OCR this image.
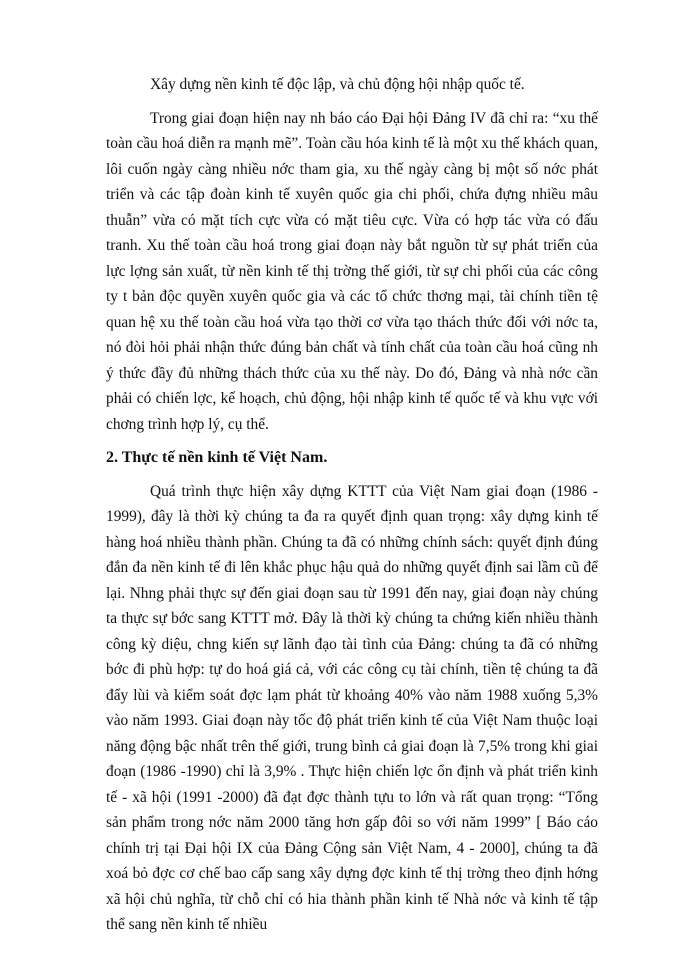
Xây dựng nền kinh tế độc lập, và chủ động hội nhập quốc tế.

Trong giai đoạn hiện nay nh báo cáo Đại hội Đảng IV đã chỉ ra: “xu thế toàn cầu hoá diễn ra mạnh mẽ”. Toàn cầu hóa kinh tế là một xu thế khách quan, lôi cuốn ngày càng nhiều nớc tham gia, xu thế ngày càng bị một số nớc phát triển và các tập đoàn kinh tế xuyên quốc gia chi phối, chứa đựng nhiều mâu thuẫn” vừa có mặt tích cực vừa có mặt tiêu cực. Vừa có hợp tác vừa có đấu tranh. Xu thế toàn cầu hoá trong giai đoạn này bắt nguồn từ sự phát triển của lực lợng sản xuất, từ nền kinh tế thị trờng thế giới, từ sự chi phối của các công ty t bản độc quyền xuyên quốc gia và các tổ chức thơng mại, tài chính tiền tệ quan hệ xu thế toàn cầu hoá vừa tạo thời cơ vừa tạo thách thức đối với nớc ta, nó đòi hỏi phải nhận thức đúng bản chất và tính chất của toàn cầu hoá cũng nh ý thức đầy đủ những thách thức của xu thế này. Do đó, Đảng và nhà nớc cần phải có chiến lợc, kế hoạch, chủ động, hội nhập kinh tế quốc tế và khu vực với chơng trình hợp lý, cụ thể.

2. Thực tế nền kinh tế Việt Nam.

Quá trình thực hiện xây dựng KTTT của Việt Nam giai đoạn (1986 - 1999), đây là thời kỳ chúng ta đa ra quyết định quan trọng: xây dựng kinh tế hàng hoá nhiều thành phần. Chúng ta đã có những chính sách: quyết định đúng đắn đa nền kinh tế đi lên khắc phục hậu quả do những quyết định sai lầm cũ để lại. Nhng phải thực sự đến giai đoạn sau từ 1991 đến nay, giai đoạn này chúng ta thực sự bớc sang KTTT mở. Đây là thời kỳ chúng ta chứng kiến nhiều thành công kỳ diệu, chng kiến sự lãnh đạo tài tình của Đảng: chúng ta đã có những bớc đi phù hợp: tự do hoá giá cả, với các công cụ tài chính, tiền tệ chúng ta đã đẩy lùi và kiểm soát đợc lạm phát từ khoảng 40% vào năm 1988 xuống 5,3% vào năm 1993. Giai đoạn này tốc độ phát triển kinh tế của Việt Nam thuộc loại năng động bậc nhất trên thế giới, trung bình cả giai đoạn là 7,5% trong khi giai đoạn (1986 -1990) chỉ là 3,9% . Thực hiện chiến lợc ổn định và phát triển kinh tế - xã hội (1991 -2000) đã đạt đợc thành tựu to lớn và rất quan trọng: “Tổng sản phẩm trong nớc năm 2000 tăng hơn gấp đôi so với năm 1999” [ Báo cáo chính trị tại Đại hội IX của Đảng Cộng sản Việt Nam, 4 - 2000], chúng ta đã xoá bỏ đợc cơ chế bao cấp sang xây dựng đợc kinh tế thị trờng theo định hớng xã hội chủ nghĩa, từ chỗ chỉ có hia thành phần kinh tế Nhà nớc và kinh tế tập thể sang nền kinh tế nhiều
